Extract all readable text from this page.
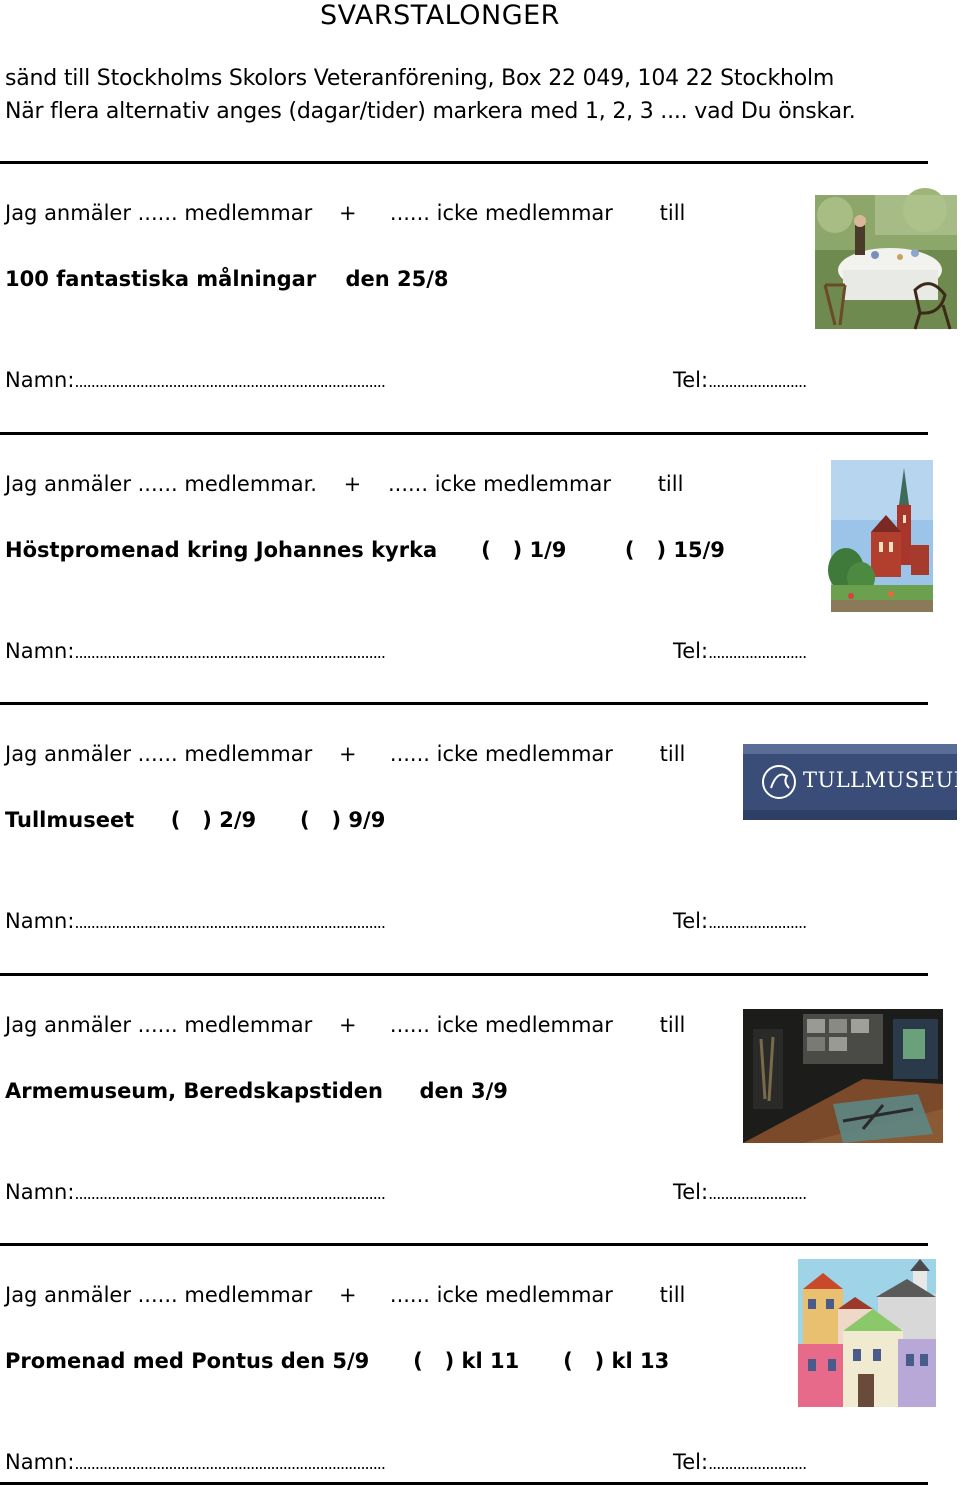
SVARSTALONGER
sänd till Stockholms Skolors Veteranförening, Box 22 049, 104 22 Stockholm
När flera alternativ anges (dagar/tider) markera med 1, 2, 3 .... vad Du önskar.
Jag anmäler ...... medlemmar    +     ...... icke medlemmar       till
100 fantastiska målningar    den 25/8
Namn:............................................................................	Tel:........................
Jag anmäler ...... medlemmar.    +    ...... icke medlemmar       till
Höstpromenad kring Johannes kyrka      (   ) 1/9        (   ) 15/9
Namn:............................................................................	Tel:........................
Jag anmäler ...... medlemmar    +     ...... icke medlemmar       till
Tullmuseet     (   ) 2/9      (   ) 9/9
Namn:............................................................................	Tel:........................
TULLMUSEUM
Jag anmäler ...... medlemmar    +     ...... icke medlemmar       till
Armemuseum, Beredskapstiden     den 3/9
Namn:............................................................................	Tel:........................
Jag anmäler ...... medlemmar    +     ...... icke medlemmar       till
Promenad med Pontus den 5/9      (   ) kl 11      (   ) kl 13
Namn:............................................................................	Tel:........................
